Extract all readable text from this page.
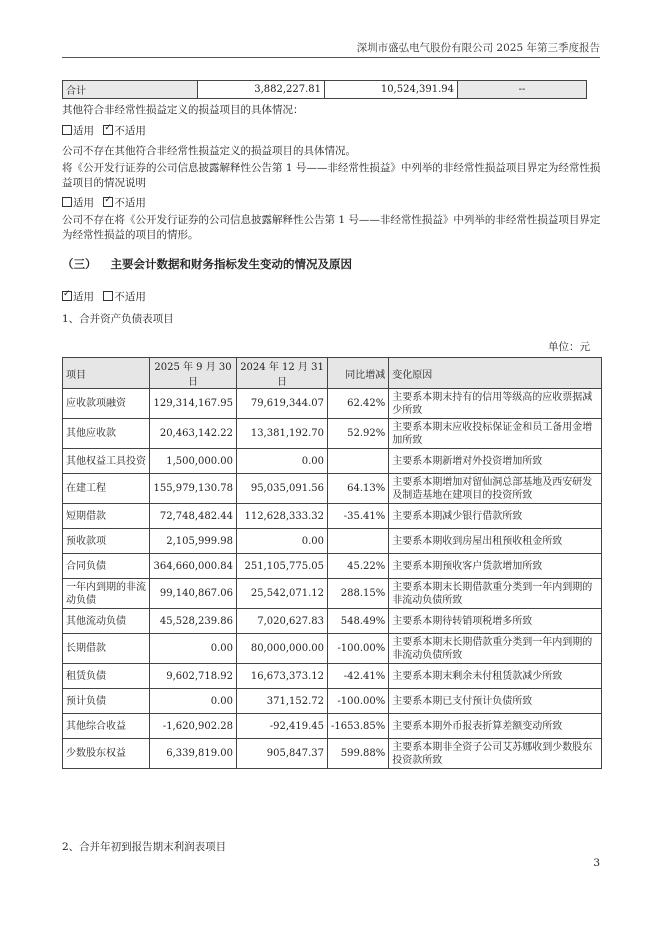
深圳市盛弘电气股份有限公司 2025 年第三季度报告
合计	3,882,227.81	10,524,391.94	--
其他符合非经常性损益定义的损益项目的具体情况：
适用 ✓ 不适用
公司不存在其他符合非经常性损益定义的损益项目的具体情况。
将《公开发行证券的公司信息披露解释性公告第 1 号——非经常性损益》中列举的非经常性损益项目界定为经常性损益项目的情况说明
适用 ✓ 不适用
公司不存在将《公开发行证券的公司信息披露解释性公告第 1 号——非经常性损益》中列举的非经常性损益项目界定为经常性损益的项目的情形。
（三） 主要会计数据和财务指标发生变动的情况及原因
✓适用 不适用
1、合并资产负债表项目
单位：元
项目	2025 年 9 月 30 日	2024 年 12 月 31 日	同比增减	变化原因
应收款项融资	129,314,167.95	79,619,344.07	62.42%	主要系本期末持有的信用等级高的应收票据减少所致
其他应收款	20,463,142.22	13,381,192.70	52.92%	主要系本期末应收投标保证金和员工备用金增加所致
其他权益工具投资	1,500,000.00	0.00		主要系本期新增对外投资增加所致
在建工程	155,979,130.78	95,035,091.56	64.13%	主要系本期增加对留仙洞总部基地及西安研发及制造基地在建项目的投资所致
短期借款	72,748,482.44	112,628,333.32	-35.41%	主要系本期减少银行借款所致
预收款项	2,105,999.98	0.00		主要系本期收到房屋出租预收租金所致
合同负债	364,660,000.84	251,105,775.05	45.22%	主要系本期预收客户货款增加所致
一年内到期的非流动负债	99,140,867.06	25,542,071.12	288.15%	主要系本期末长期借款重分类到一年内到期的非流动负债所致
其他流动负债	45,528,239.86	7,020,627.83	548.49%	主要系本期待转销项税增多所致
长期借款	0.00	80,000,000.00	-100.00%	主要系本期末长期借款重分类到一年内到期的非流动负债所致
租赁负债	9,602,718.92	16,673,373.12	-42.41%	主要系本期末剩余未付租赁款减少所致
预计负债	0.00	371,152.72	-100.00%	主要系本期已支付预计负债所致
其他综合收益	-1,620,902.28	-92,419.45	-1653.85%	主要系本期外币报表折算差额变动所致
少数股东权益	6,339,819.00	905,847.37	599.88%	主要系本期非全资子公司艾苏娜收到少数股东投资款所致
2、合并年初到报告期末利润表项目
3
